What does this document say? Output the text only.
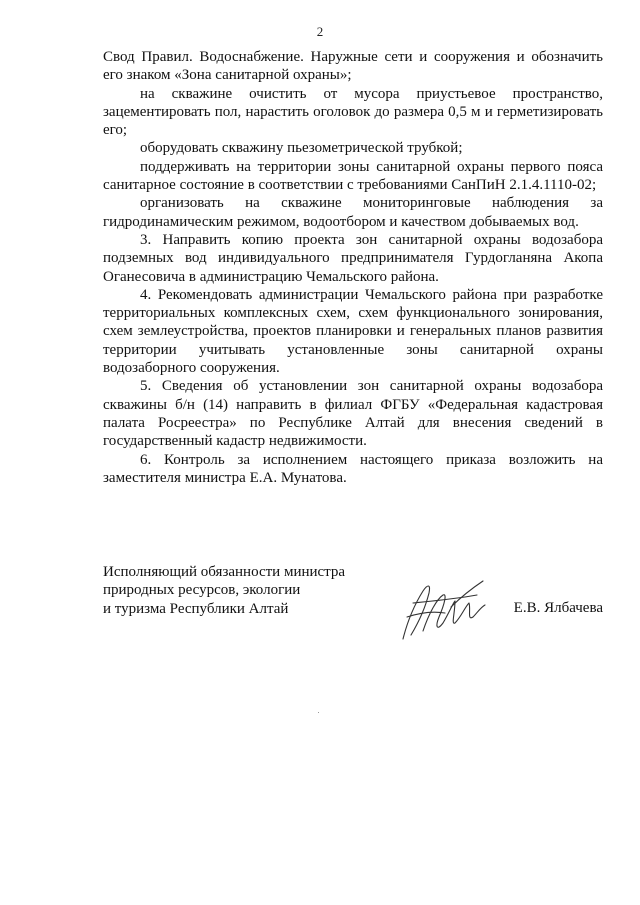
2

Свод Правил. Водоснабжение. Наружные сети и сооружения и обозначить его знаком «Зона санитарной охраны»;

на скважине очистить от мусора приустьевое пространство, зацементировать пол, нарастить оголовок до размера 0,5 м и герметизировать его;

оборудовать скважину пьезометрической трубкой;

поддерживать на территории зоны санитарной охраны первого пояса санитарное состояние в соответствии с требованиями СанПиН 2.1.4.1110-02;

организовать на скважине мониторинговые наблюдения за гидродинамическим режимом, водоотбором и качеством добываемых вод.

3. Направить копию проекта зон санитарной охраны водозабора подземных вод индивидуального предпринимателя Гурдогланяна Акопа Оганесовича в администрацию Чемальского района.

4. Рекомендовать администрации Чемальского района при разработке территориальных комплексных схем, схем функционального зонирования, схем землеустройства, проектов планировки и генеральных планов развития территории учитывать установленные зоны санитарной охраны водозаборного сооружения.

5. Сведения об установлении зон санитарной охраны водозабора скважины б/н (14) направить в филиал ФГБУ «Федеральная кадастровая палата Росреестра» по Республике Алтай для внесения сведений в государственный кадастр недвижимости.

6. Контроль за исполнением настоящего приказа возложить на заместителя министра Е.А. Мунатова.

Исполняющий обязанности министра
природных ресурсов, экологии
и туризма Республики Алтай	Е.В. Ялбачева
